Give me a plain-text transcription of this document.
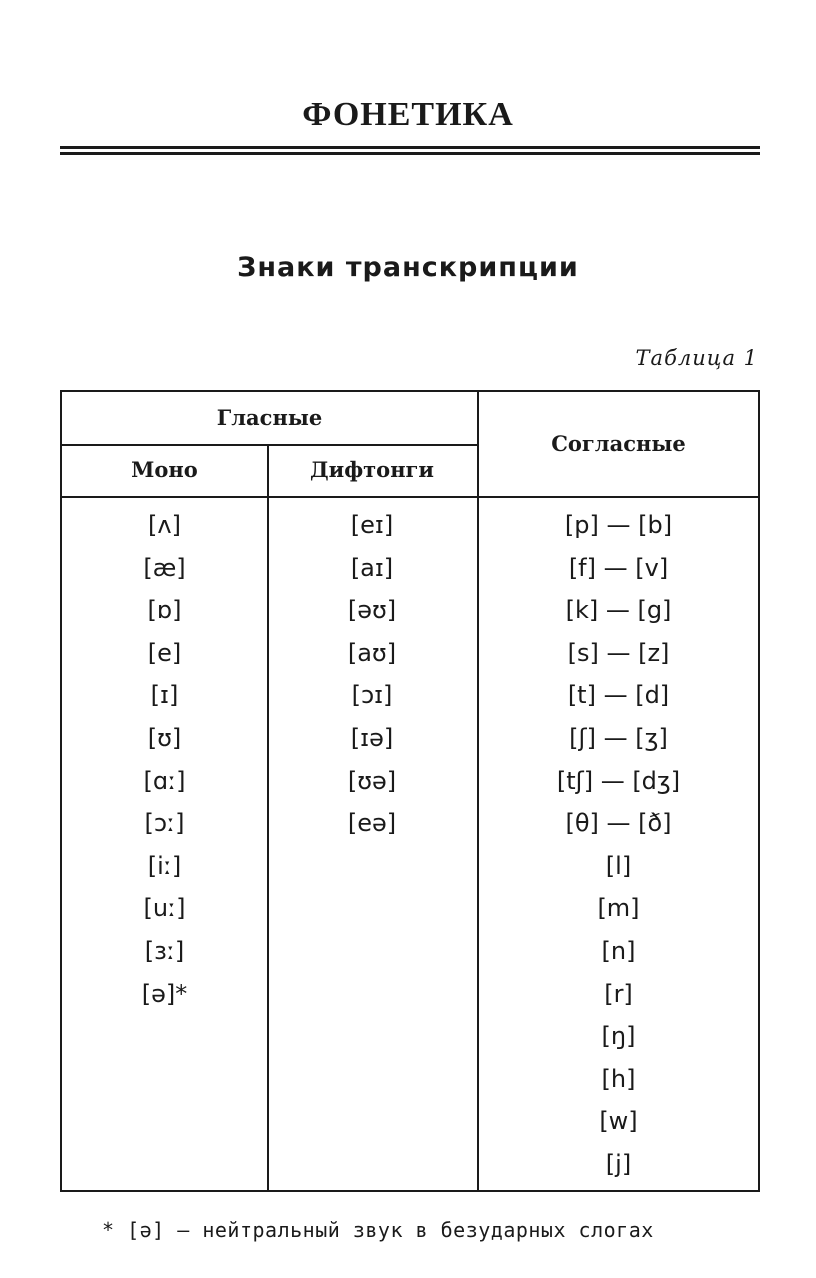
ФОНЕТИКА
Знаки транскрипции
Таблица 1
Гласные
Моно	Дифтонги
Согласные
[ʌ]
[æ]
[ɒ]
[e]
[ɪ]
[ʊ]
[ɑː]
[ɔː]
[iː]
[uː]
[ɜː]
[ə]*
[eɪ]
[aɪ]
[əʊ]
[aʊ]
[ɔɪ]
[ɪə]
[ʊə]
[eə]
[p] — [b]
[f] — [v]
[k] — [g]
[s] — [z]
[t] — [d]
[ʃ] — [ʒ]
[tʃ] — [dʒ]
[θ] — [ð]
[l]
[m]
[n]
[r]
[ŋ]
[h]
[w]
[j]
* [ə] – нейтральный звук в безударных слогах
